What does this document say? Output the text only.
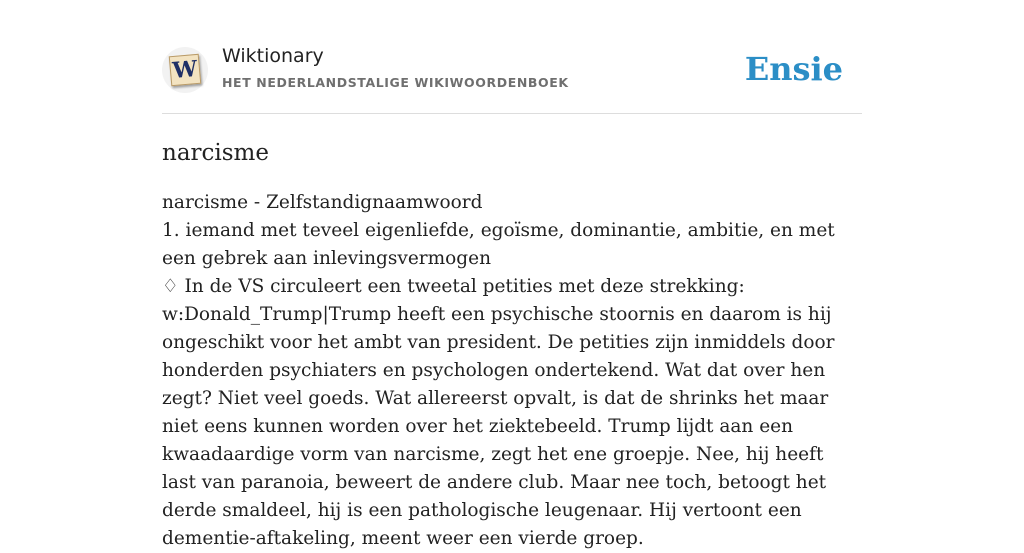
W Wiktionary
HET NEDERLANDSTALIGE WIKIWOORDENBOEK	Ensie
narcisme

narcisme - Zelfstandignaamwoord

1. iemand met teveel eigenliefde, egoïsme, dominantie, ambitie, en met een gebrek aan inlevingsvermogen

♢ In de VS circuleert een tweetal petities met deze strekking: w:Donald_Trump|Trump heeft een psychische stoornis en daarom is hij ongeschikt voor het ambt van president. De petities zijn inmiddels door honderden psychiaters en psychologen ondertekend. Wat dat over hen zegt? Niet veel goeds. Wat allereerst opvalt, is dat de shrinks het maar niet eens kunnen worden over het ziektebeeld. Trump lijdt aan een kwaadaardige vorm van narcisme, zegt het ene groepje. Nee, hij heeft last van paranoia, beweert de andere club. Maar nee toch, betoogt het derde smaldeel, hij is een pathologische leugenaar. Hij vertoont een dementie-aftakeling, meent weer een vierde groep.
